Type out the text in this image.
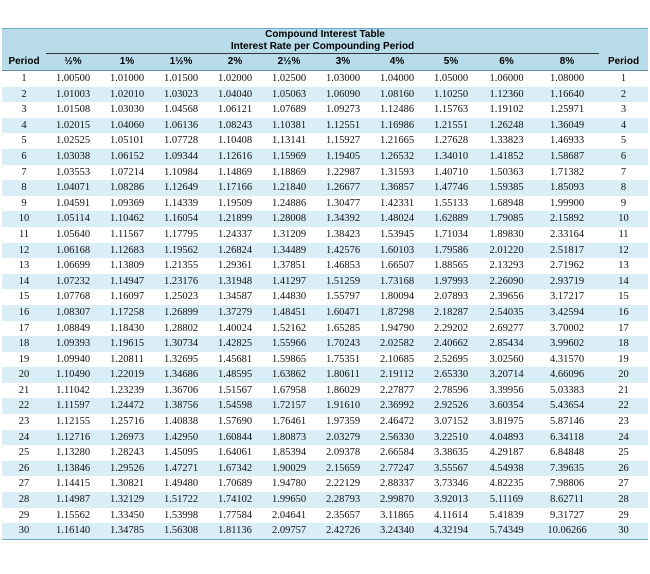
Compound Interest Table											
	Interest Rate per Compounding Period										
Period	½%	1%	1½%	2%	2½%	3%	4%	5%	6%	8%	Period
1	1.00500	1.01000	1.01500	1.02000	1.02500	1.03000	1.04000	1.05000	1.06000	1.08000	1
2	1.01003	1.02010	1.03023	1.04040	1.05063	1.06090	1.08160	1.10250	1.12360	1.16640	2
3	1.01508	1.03030	1.04568	1.06121	1.07689	1.09273	1.12486	1.15763	1.19102	1.25971	3
4	1.02015	1.04060	1.06136	1.08243	1.10381	1.12551	1.16986	1.21551	1.26248	1.36049	4
5	1.02525	1.05101	1.07728	1.10408	1.13141	1.15927	1.21665	1.27628	1.33823	1.46933	5
6	1.03038	1.06152	1.09344	1.12616	1.15969	1.19405	1.26532	1.34010	1.41852	1.58687	6
7	1.03553	1.07214	1.10984	1.14869	1.18869	1.22987	1.31593	1.40710	1.50363	1.71382	7
8	1.04071	1.08286	1.12649	1.17166	1.21840	1.26677	1.36857	1.47746	1.59385	1.85093	8
9	1.04591	1.09369	1.14339	1.19509	1.24886	1.30477	1.42331	1.55133	1.68948	1.99900	9
10	1.05114	1.10462	1.16054	1.21899	1.28008	1.34392	1.48024	1.62889	1.79085	2.15892	10
11	1.05640	1.11567	1.17795	1.24337	1.31209	1.38423	1.53945	1.71034	1.89830	2.33164	11
12	1.06168	1.12683	1.19562	1.26824	1.34489	1.42576	1.60103	1.79586	2.01220	2.51817	12
13	1.06699	1.13809	1.21355	1.29361	1.37851	1.46853	1.66507	1.88565	2.13293	2.71962	13
14	1.07232	1.14947	1.23176	1.31948	1.41297	1.51259	1.73168	1.97993	2.26090	2.93719	14
15	1.07768	1.16097	1.25023	1.34587	1.44830	1.55797	1.80094	2.07893	2.39656	3.17217	15
16	1.08307	1.17258	1.26899	1.37279	1.48451	1.60471	1.87298	2.18287	2.54035	3.42594	16
17	1.08849	1.18430	1.28802	1.40024	1.52162	1.65285	1.94790	2.29202	2.69277	3.70002	17
18	1.09393	1.19615	1.30734	1.42825	1.55966	1.70243	2.02582	2.40662	2.85434	3.99602	18
19	1.09940	1.20811	1.32695	1.45681	1.59865	1.75351	2.10685	2.52695	3.02560	4.31570	19
20	1.10490	1.22019	1.34686	1.48595	1.63862	1.80611	2.19112	2.65330	3.20714	4.66096	20
21	1.11042	1.23239	1.36706	1.51567	1.67958	1.86029	2.27877	2.78596	3.39956	5.03383	21
22	1.11597	1.24472	1.38756	1.54598	1.72157	1.91610	2.36992	2.92526	3.60354	5.43654	22
23	1.12155	1.25716	1.40838	1.57690	1.76461	1.97359	2.46472	3.07152	3.81975	5.87146	23
24	1.12716	1.26973	1.42950	1.60844	1.80873	2.03279	2.56330	3.22510	4.04893	6.34118	24
25	1.13280	1.28243	1.45095	1.64061	1.85394	2.09378	2.66584	3.38635	4.29187	6.84848	25
26	1.13846	1.29526	1.47271	1.67342	1.90029	2.15659	2.77247	3.55567	4.54938	7.39635	26
27	1.14415	1.30821	1.49480	1.70689	1.94780	2.22129	2.88337	3.73346	4.82235	7.98806	27
28	1.14987	1.32129	1.51722	1.74102	1.99650	2.28793	2.99870	3.92013	5.11169	8.62711	28
29	1.15562	1.33450	1.53998	1.77584	2.04641	2.35657	3.11865	4.11614	5.41839	9.31727	29
30	1.16140	1.34785	1.56308	1.81136	2.09757	2.42726	3.24340	4.32194	5.74349	10.06266	30
